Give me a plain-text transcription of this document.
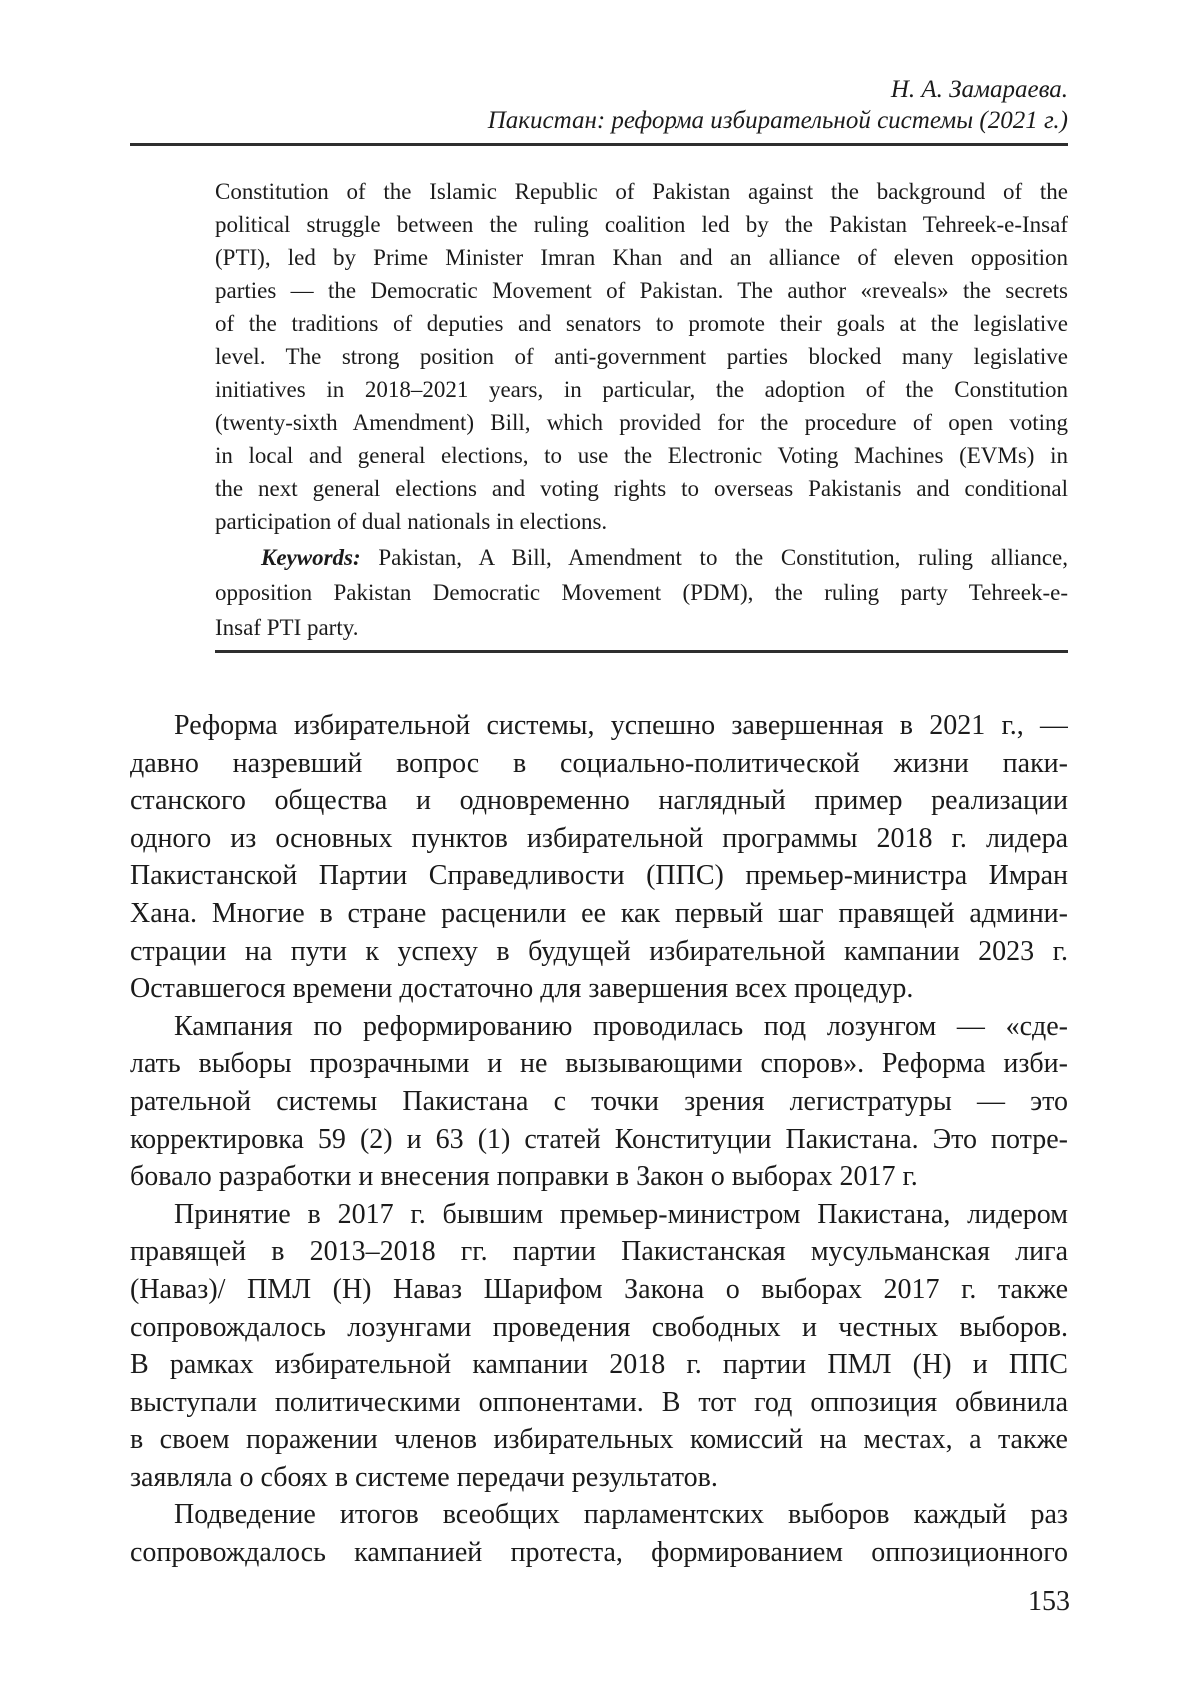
Н. А. Замараева.
Пакистан: реформа избирательной системы (2021 г.)
Constitution of the Islamic Republic of Pakistan against the background of the
political struggle between the ruling coalition led by the Pakistan Tehreek-e-Insaf
(PTI), led by Prime Minister Imran Khan and an alliance of eleven opposition
parties — the Democratic Movement of Pakistan. The author «reveals» the secrets
of the traditions of deputies and senators to promote their goals at the legislative
level. The strong position of anti-government parties blocked many legislative
initiatives in 2018–2021 years, in particular, the adoption of the Constitution
(twenty-sixth Amendment) Bill, which provided for the procedure of open voting
in local and general elections, to use the Electronic Voting Machines (EVMs) in
the next general elections and voting rights to overseas Pakistanis and conditional
participation of dual nationals in elections.
Keywords: Pakistan, A Bill, Amendment to the Constitution, ruling alliance,
opposition Pakistan Democratic Movement (PDM), the ruling party Tehreek-e-
Insaf PTI party.
Реформа избирательной системы, успешно завершенная в 2021 г., —
давно назревший вопрос в социально-политической жизни паки-
станского общества и одновременно наглядный пример реализации
одного из основных пунктов избирательной программы 2018 г. лидера
Пакистанской Партии Справедливости (ППС) премьер-министра Имран
Хана. Многие в стране расценили ее как первый шаг правящей админи-
страции на пути к успеху в будущей избирательной кампании 2023 г.
Оставшегося времени достаточно для завершения всех процедур.
Кампания по реформированию проводилась под лозунгом — «сде-
лать выборы прозрачными и не вызывающими споров». Реформа изби-
рательной системы Пакистана с точки зрения легистратуры — это
корректировка 59 (2) и 63 (1) статей Конституции Пакистана. Это потре-
бовало разработки и внесения поправки в Закон о выборах 2017 г.
Принятие в 2017 г. бывшим премьер-министром Пакистана, лидером
правящей в 2013–2018 гг. партии Пакистанская мусульманская лига
(Наваз)/ ПМЛ (Н) Наваз Шарифом Закона о выборах 2017 г. также
сопровождалось лозунгами проведения свободных и честных выборов.
В рамках избирательной кампании 2018 г. партии ПМЛ (Н) и ППС
выступали политическими оппонентами. В тот год оппозиция обвинила
в своем поражении членов избирательных комиссий на местах, а также
заявляла о сбоях в системе передачи результатов.
Подведение итогов всеобщих парламентских выборов каждый раз
сопровождалось кампанией протеста, формированием оппозиционного
153
